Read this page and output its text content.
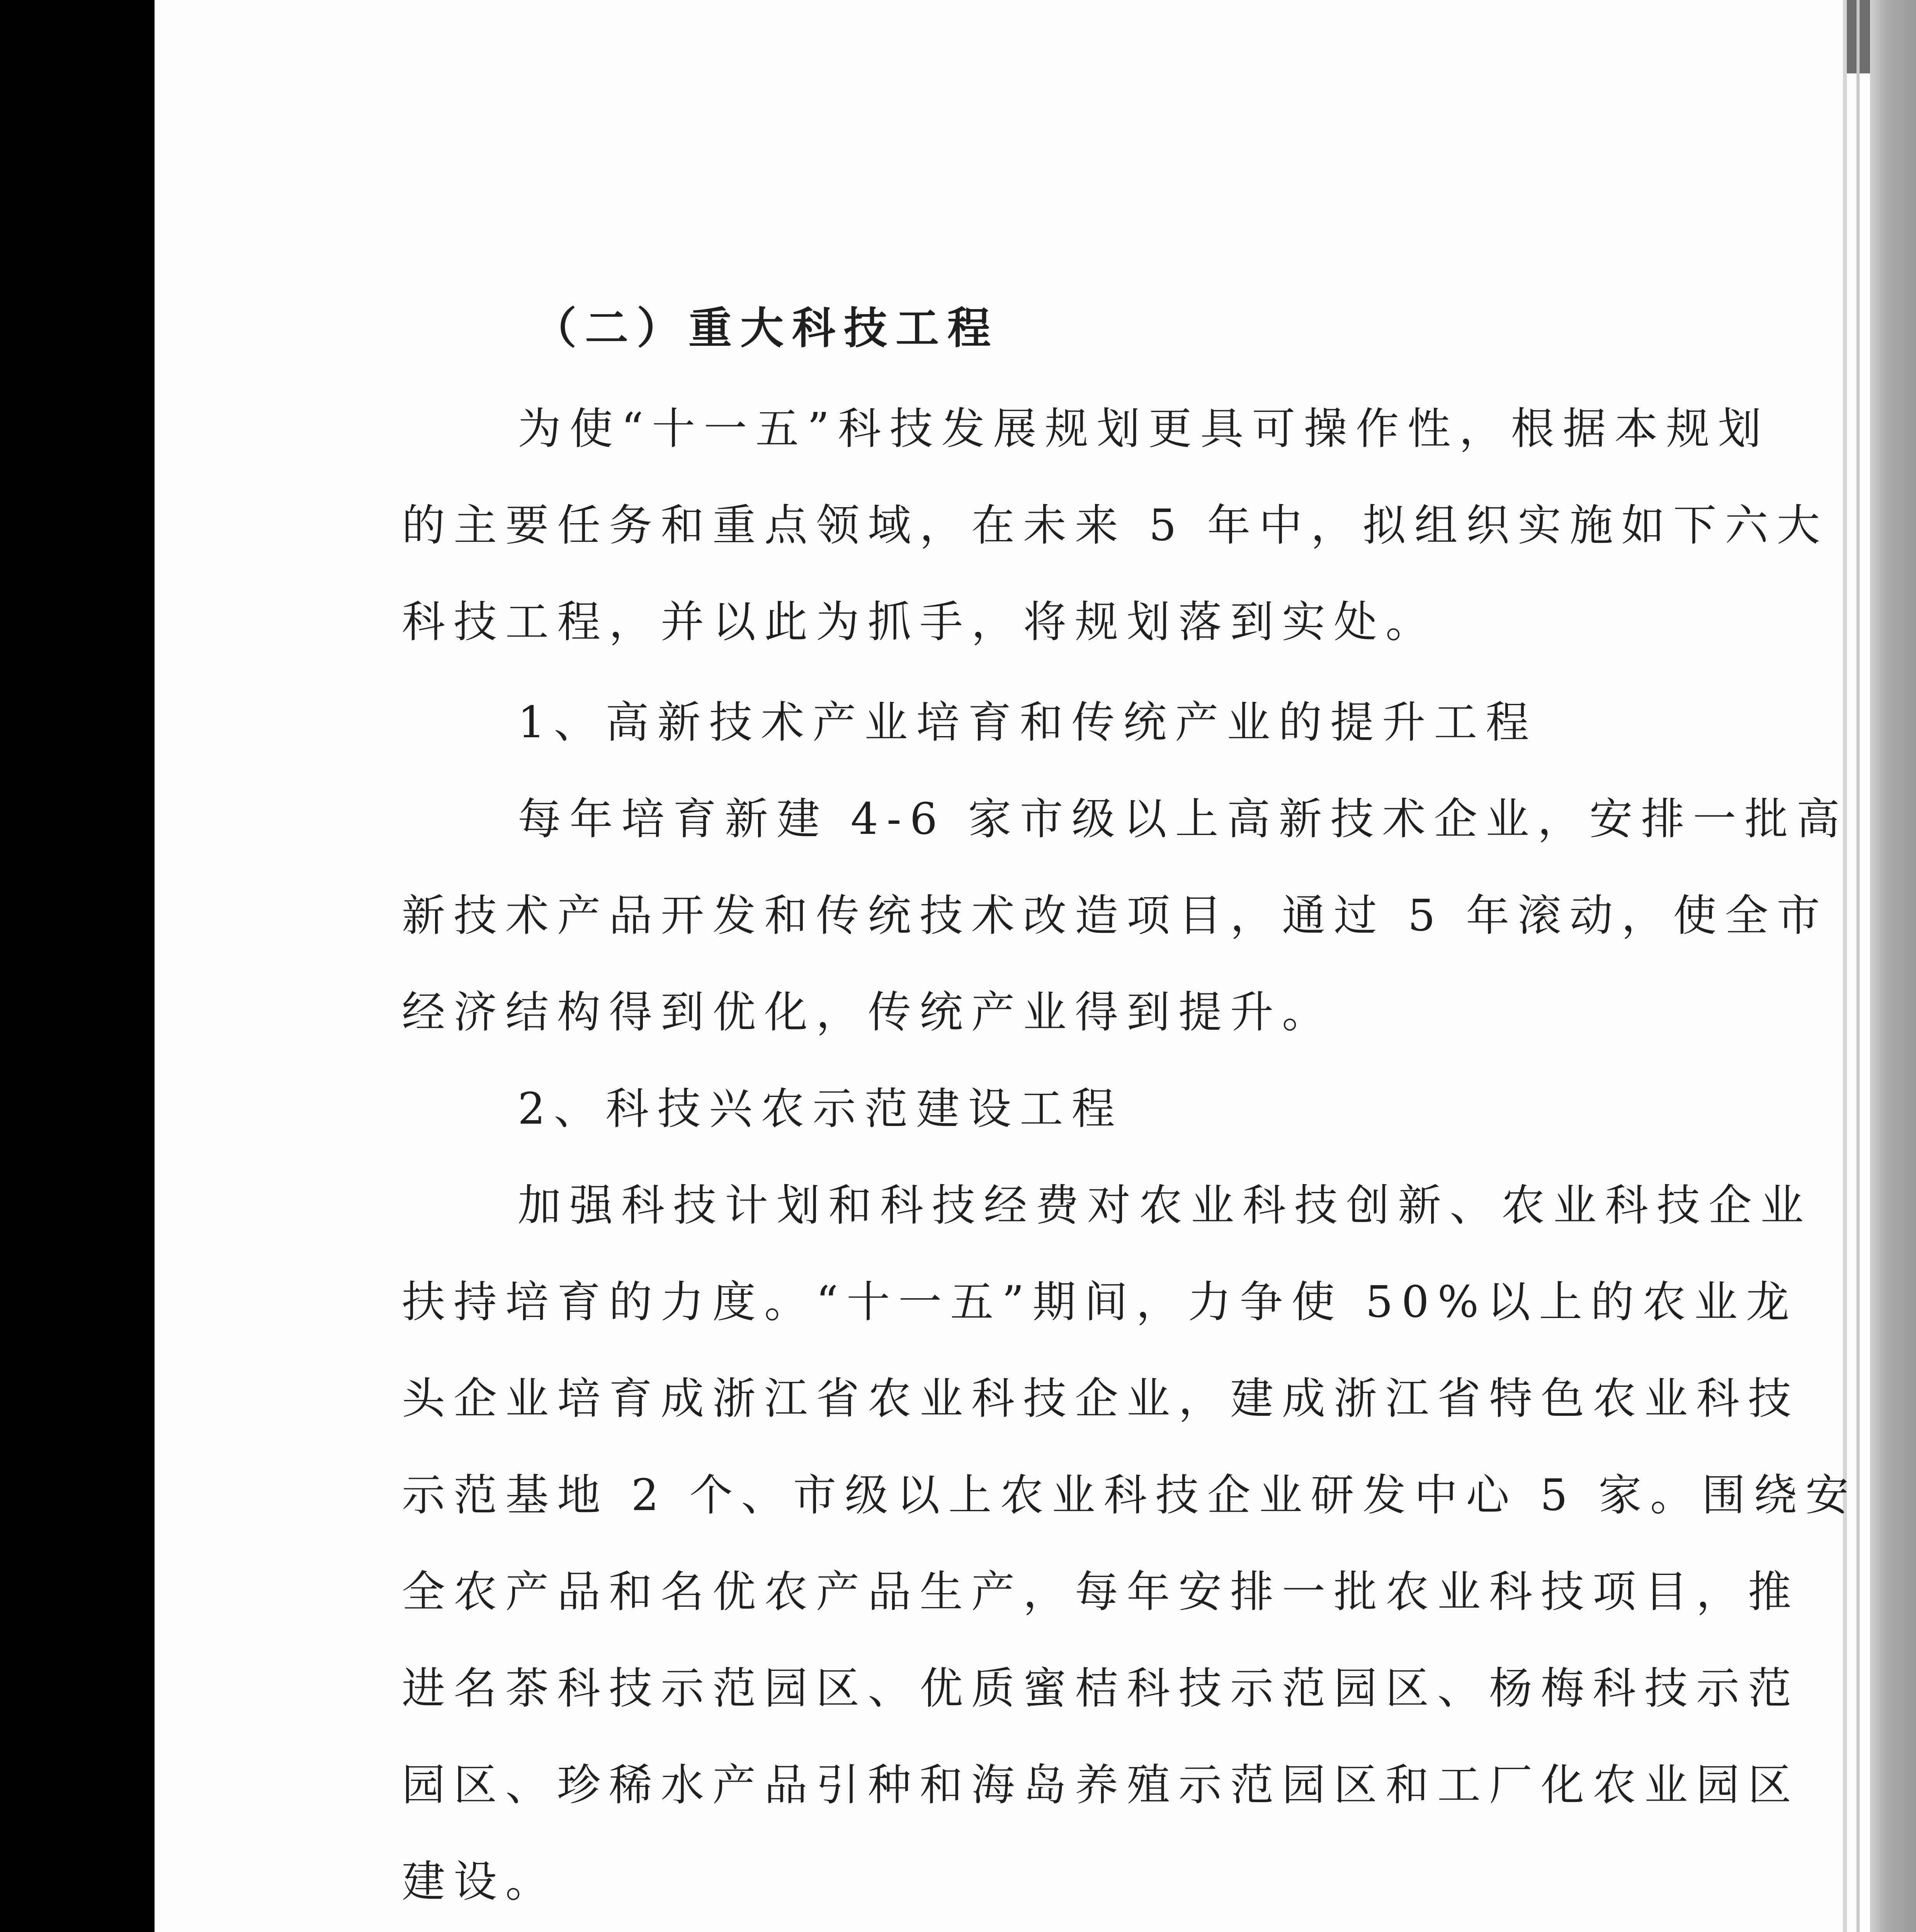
（二）重大科技工程
为使“十一五”科技发展规划更具可操作性，根据本规划
的主要任务和重点领域，在未来 5 年中，拟组织实施如下六大
科技工程，并以此为抓手，将规划落到实处。
1、高新技术产业培育和传统产业的提升工程
每年培育新建 4-6 家市级以上高新技术企业，安排一批高
新技术产品开发和传统技术改造项目，通过 5 年滚动，使全市
经济结构得到优化，传统产业得到提升。
2、科技兴农示范建设工程
加强科技计划和科技经费对农业科技创新、农业科技企业
扶持培育的力度。“十一五”期间，力争使 50%以上的农业龙
头企业培育成浙江省农业科技企业，建成浙江省特色农业科技
示范基地 2 个、市级以上农业科技企业研发中心 5 家。围绕安
全农产品和名优农产品生产，每年安排一批农业科技项目，推
进名茶科技示范园区、优质蜜桔科技示范园区、杨梅科技示范
园区、珍稀水产品引种和海岛养殖示范园区和工厂化农业园区
建设。
